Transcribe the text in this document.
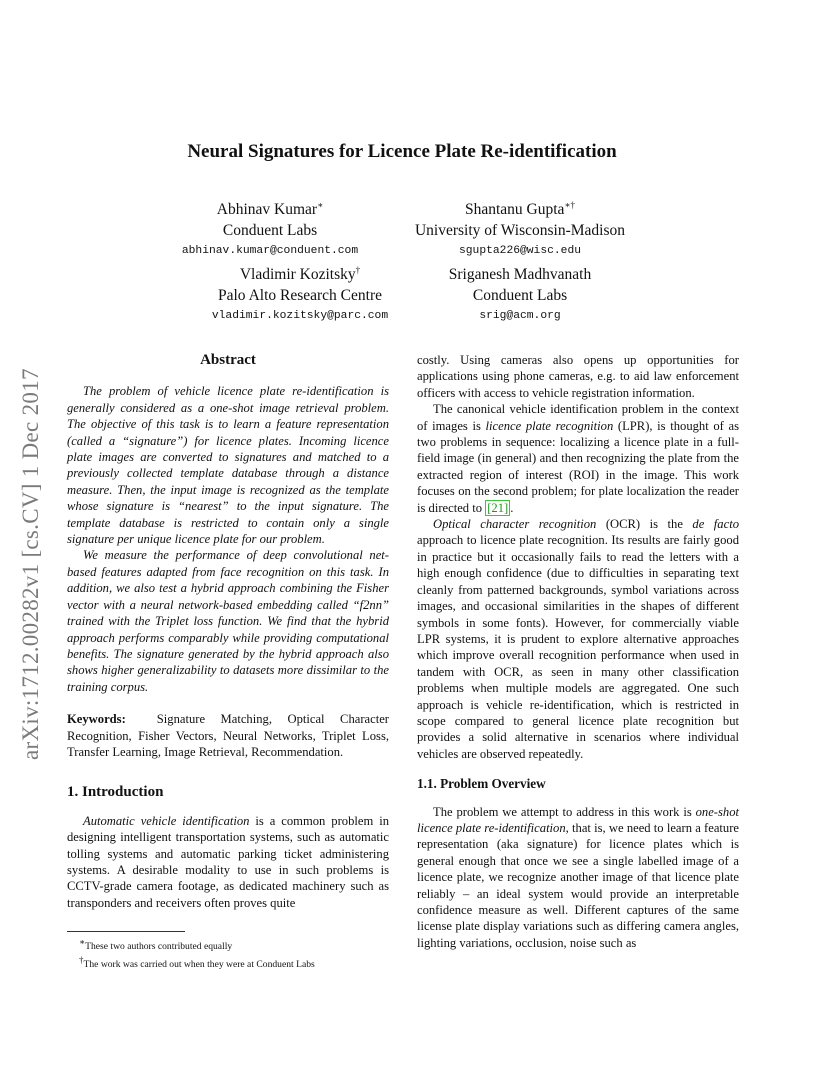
arXiv:1712.00282v1 [cs.CV] 1 Dec 2017
Neural Signatures for Licence Plate Re-identification
Abhinav Kumar∗
Conduent Labs
abhinav.kumar@conduent.com
Shantanu Gupta∗†
University of Wisconsin-Madison
sgupta226@wisc.edu
Vladimir Kozitsky†
Palo Alto Research Centre
vladimir.kozitsky@parc.com
Sriganesh Madhvanath
Conduent Labs
srig@acm.org
Abstract

The problem of vehicle licence plate re-identification is generally considered as a one-shot image retrieval problem. The objective of this task is to learn a feature representation (called a “signature”) for licence plates. Incoming licence plate images are converted to signatures and matched to a previously collected template database through a distance measure. Then, the input image is recognized as the template whose signature is “nearest” to the input signature. The template database is restricted to contain only a single signature per unique licence plate for our problem.

We measure the performance of deep convolutional net-based features adapted from face recognition on this task. In addition, we also test a hybrid approach combining the Fisher vector with a neural network-based embedding called “f2nn” trained with the Triplet loss function. We find that the hybrid approach performs comparably while providing computational benefits. The signature generated by the hybrid approach also shows higher generalizability to datasets more dissimilar to the training corpus.

Keywords: Signature Matching, Optical Character Recognition, Fisher Vectors, Neural Networks, Triplet Loss, Transfer Learning, Image Retrieval, Recommendation.

1. Introduction

Automatic vehicle identification is a common problem in designing intelligent transportation systems, such as automatic tolling systems and automatic parking ticket administering systems. A desirable modality to use in such problems is CCTV-grade camera footage, as dedicated machinery such as transponders and receivers often proves quite

∗These two authors contributed equally
†The work was carried out when they were at Conduent Labs

costly. Using cameras also opens up opportunities for applications using phone cameras, e.g. to aid law enforcement officers with access to vehicle registration information.

The canonical vehicle identification problem in the context of images is licence plate recognition (LPR), is thought of as two problems in sequence: localizing a licence plate in a full-field image (in general) and then recognizing the plate from the extracted region of interest (ROI) in the image. This work focuses on the second problem; for plate localization the reader is directed to [21] .

Optical character recognition (OCR) is the de facto approach to licence plate recognition. Its results are fairly good in practice but it occasionally fails to read the letters with a high enough confidence (due to difficulties in separating text cleanly from patterned backgrounds, symbol variations across images, and occasional similarities in the shapes of different symbols in some fonts). However, for commercially viable LPR systems, it is prudent to explore alternative approaches which improve overall recognition performance when used in tandem with OCR, as seen in many other classification problems when multiple models are aggregated. One such approach is vehicle re-identification, which is restricted in scope compared to general licence plate recognition but provides a solid alternative in scenarios where individual vehicles are observed repeatedly.

1.1. Problem Overview

The problem we attempt to address in this work is one-shot licence plate re-identification, that is, we need to learn a feature representation (aka signature) for licence plates which is general enough that once we see a single labelled image of a licence plate, we recognize another image of that licence plate reliably – an ideal system would provide an interpretable confidence measure as well. Different captures of the same license plate display variations such as differing camera angles, lighting variations, occlusion, noise such as
